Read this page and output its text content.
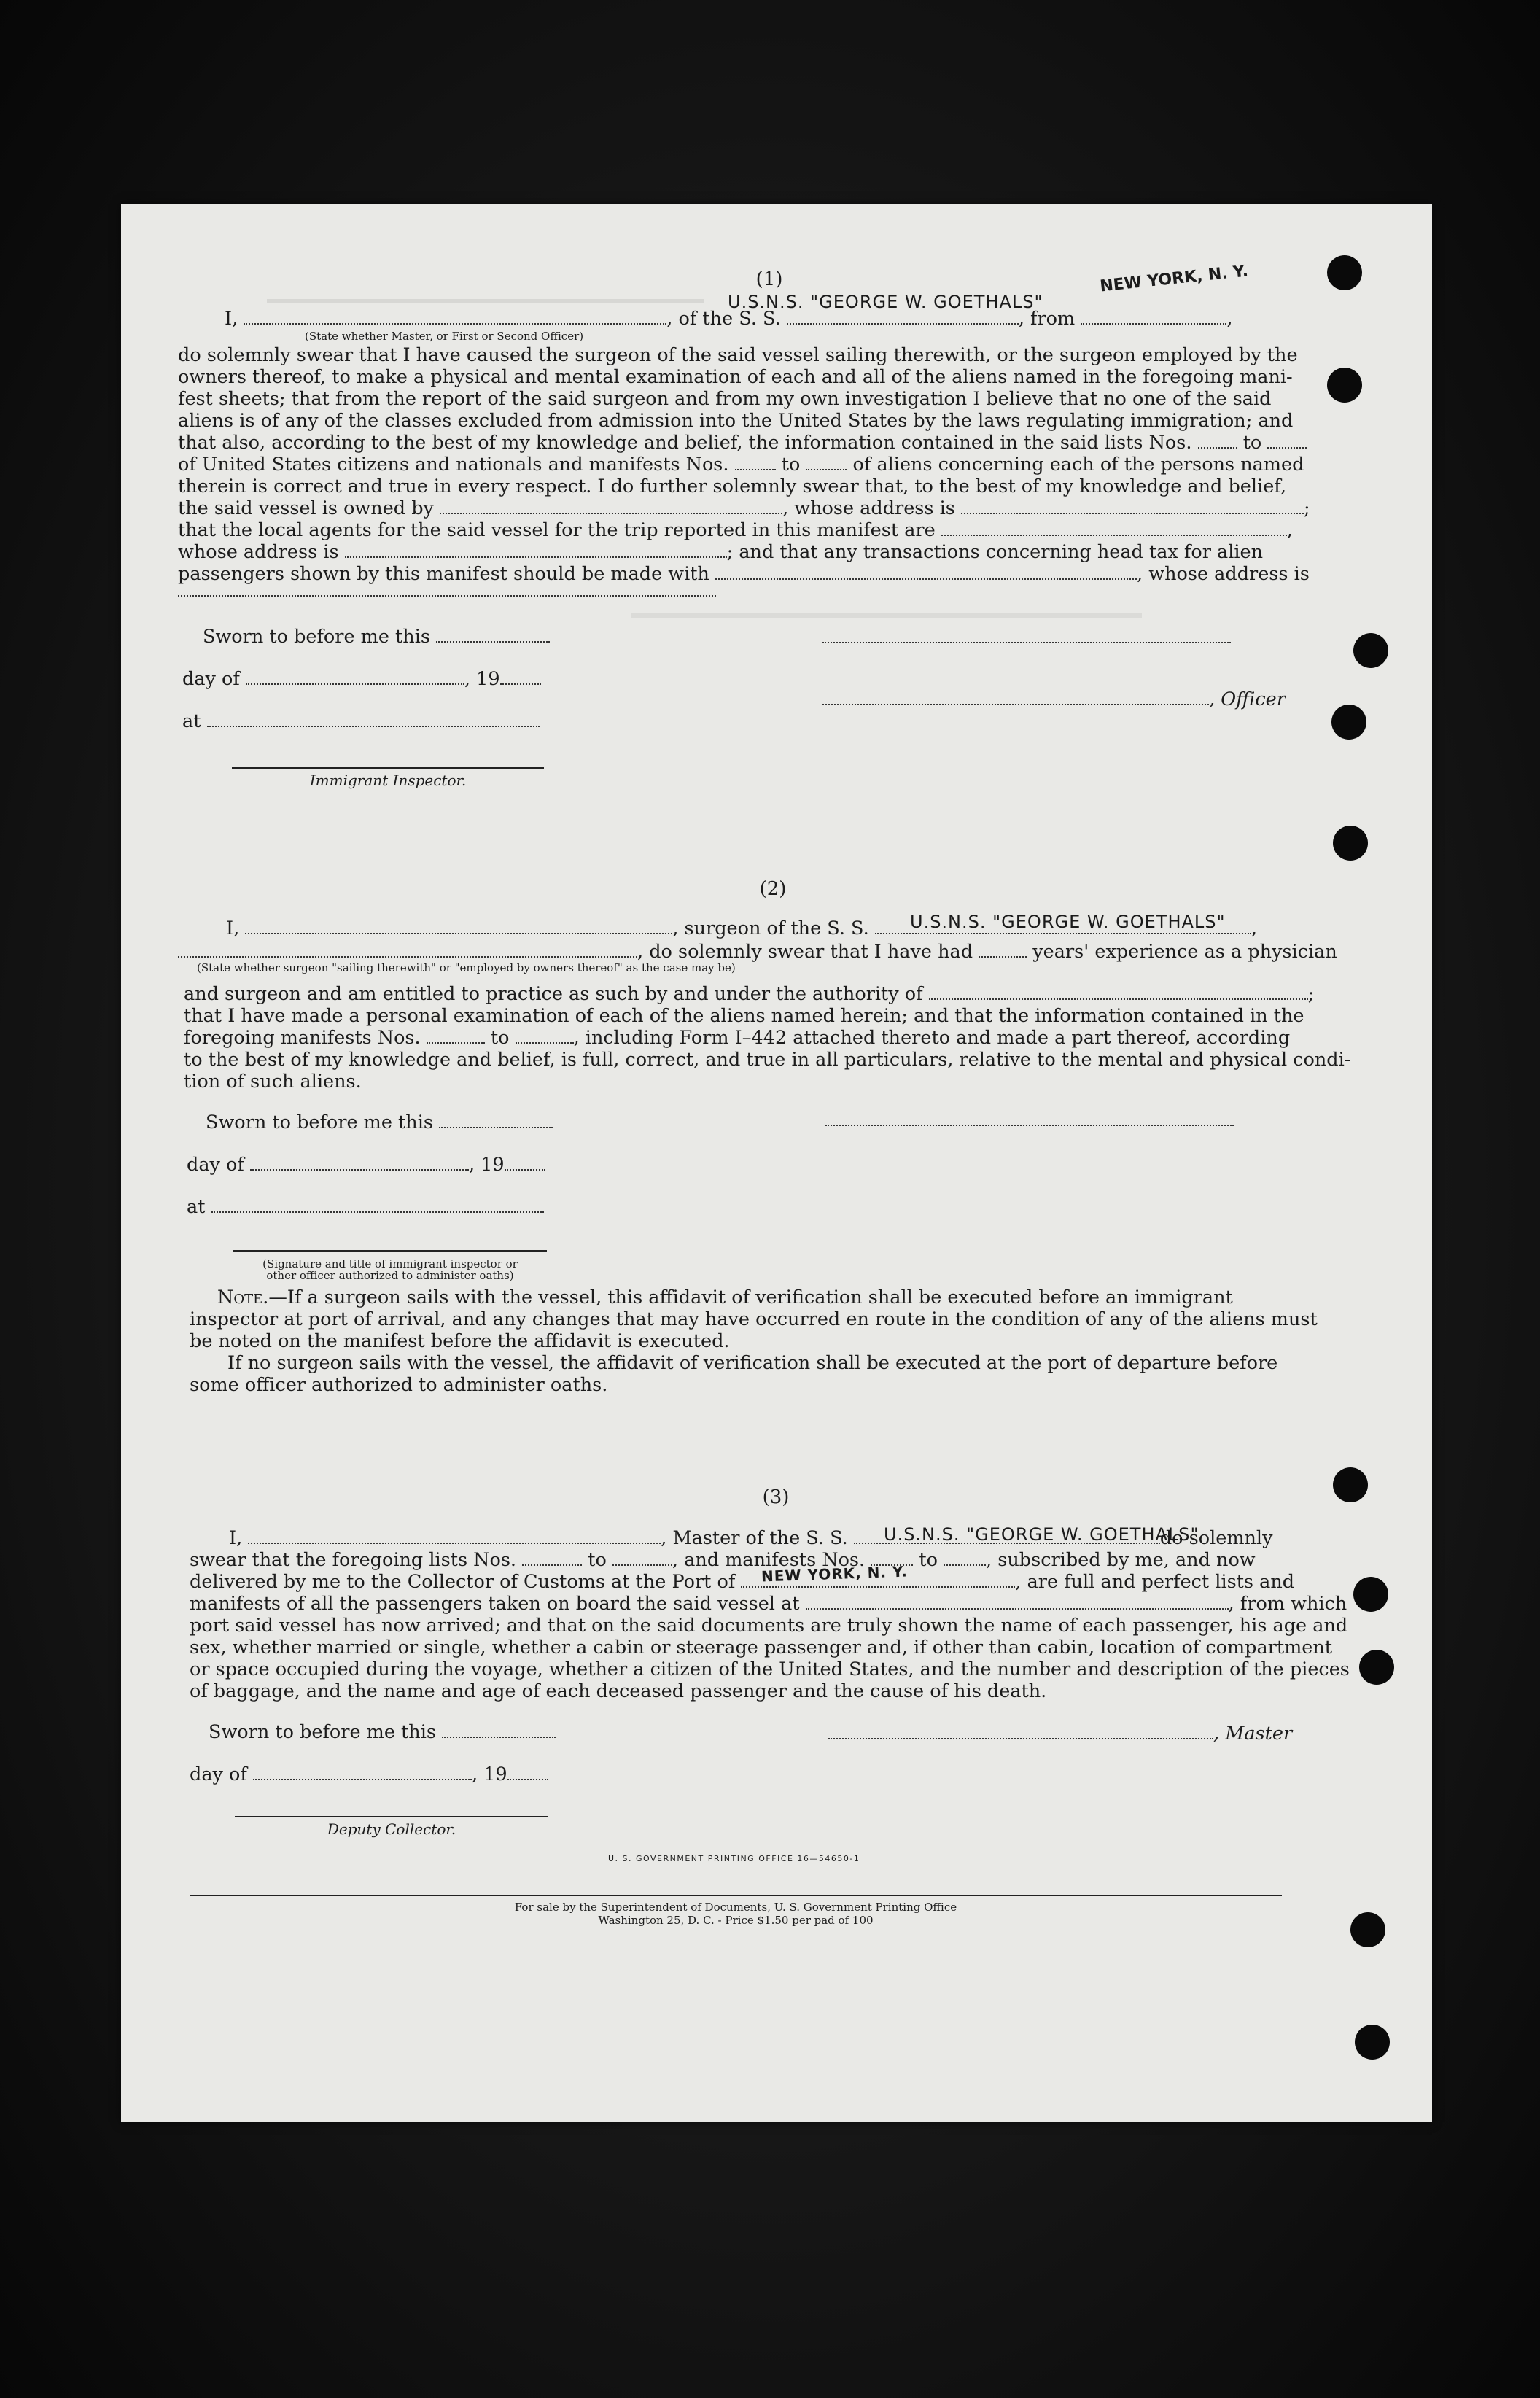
(1)
I,	, of the S. S.	, from	,
U.S.N.S. "GEORGE W. GOETHALS"
NEW YORK, N. Y.
(State whether Master, or First or Second Officer)
do solemnly swear that I have caused the surgeon of the said vessel sailing therewith, or the surgeon employed by the
owners thereof, to make a physical and mental examination of each and all of the aliens named in the foregoing mani-
fest sheets; that from the report of the said surgeon and from my own investigation I believe that no one of the said
aliens is of any of the classes excluded from admission into the United States by the laws regulating immigration; and
that also, according to the best of my knowledge and belief, the information contained in the said lists Nos.	to
of United States citizens and nationals and manifests Nos.	to	of aliens concerning each of the persons named
therein is correct and true in every respect. I do further solemnly swear that, to the best of my knowledge and belief,
the said vessel is owned by	, whose address is	;
that the local agents for the said vessel for the trip reported in this manifest are	,
whose address is	; and that any transactions concerning head tax for alien
passengers shown by this manifest should be made with	, whose address is
Sworn to before me this
day of	, 19
at
, Officer
Immigrant Inspector.
(2)
I,	, surgeon of the S. S.	,
U.S.N.S. "GEORGE W. GOETHALS"
(State whether surgeon "sailing therewith" or "employed by owners thereof" as the case may be)
, do solemnly swear that I have had	years' experience as a physician
and surgeon and am entitled to practice as such by and under the authority of	;
that I have made a personal examination of each of the aliens named herein; and that the information contained in the
foregoing manifests Nos.	to	, including Form I–442 attached thereto and made a part thereof, according
to the best of my knowledge and belief, is full, correct, and true in all particulars, relative to the mental and physical condi-
tion of such aliens.
Sworn to before me this
day of	, 19
at
(Signature and title of immigrant inspector or
other officer authorized to administer oaths)
Note.—If a surgeon sails with the vessel, this affidavit of verification shall be executed before an immigrant
inspector at port of arrival, and any changes that may have occurred en route in the condition of any of the aliens must
be noted on the manifest before the affidavit is executed.
If no surgeon sails with the vessel, the affidavit of verification shall be executed at the port of departure before
some officer authorized to administer oaths.
(3)
I,	, Master of the S. S.	do solemnly
U.S.N.S. "GEORGE W. GOETHALS"
swear that the foregoing lists Nos.	to	, and manifests Nos.	to	, subscribed by me, and now
delivered by me to the Collector of Customs at the Port of	, are full and perfect lists and
NEW YORK, N. Y.
manifests of all the passengers taken on board the said vessel at	, from which
port said vessel has now arrived; and that on the said documents are truly shown the name of each passenger, his age and
sex, whether married or single, whether a cabin or steerage passenger and, if other than cabin, location of compartment
or space occupied during the voyage, whether a citizen of the United States, and the number and description of the pieces
of baggage, and the name and age of each deceased passenger and the cause of his death.
Sworn to before me this	, Master
day of	, 19
Deputy Collector.
U. S. GOVERNMENT PRINTING OFFICE 16—54650-1
For sale by the Superintendent of Documents, U. S. Government Printing Office
Washington 25, D. C. - Price $1.50 per pad of 100
